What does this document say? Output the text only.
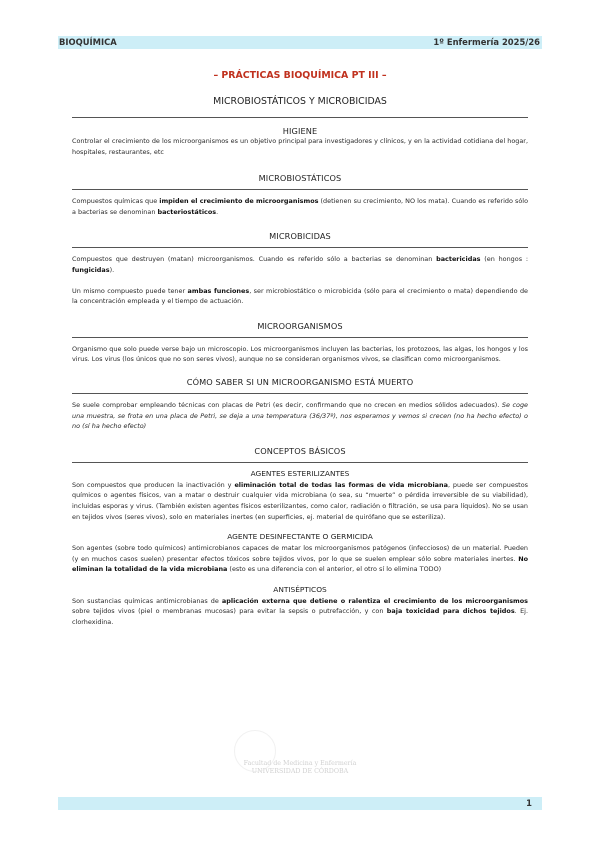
BIOQUÍMICA	1º Enfermería 2025/26
– PRÁCTICAS BIOQUÍMICA PT III –
MICROBIOSTÁTICOS Y MICROBICIDAS
HIGIENE

Controlar el crecimiento de los microorganismos es un objetivo principal para investigadores y clínicos, y en la actividad cotidiana del hogar, hospitales, restaurantes, etc

MICROBIOSTÁTICOS

Compuestos químicas que impiden el crecimiento de microorganismos (detienen su crecimiento, NO los mata). Cuando es referido sólo a bacterias se denominan bacteriostáticos.

MICROBICIDAS

Compuestos que destruyen (matan) microorganismos. Cuando es referido sólo a bacterias se denominan bactericidas (en hongos : fungicidas).

Un mismo compuesto puede tener ambas funciones, ser microbiostático o microbicida (sólo para el crecimiento o mata) dependiendo de la concentración empleada y el tiempo de actuación.

MICROORGANISMOS

Organismo que solo puede verse bajo un microscopio. Los microorganismos incluyen las bacterias, los protozoos, las algas, los hongos y los virus. Los virus (los únicos que no son seres vivos), aunque no se consideran organismos vivos, se clasifican como microorganismos.

CÓMO SABER SI UN MICROORGANISMO ESTÁ MUERTO

Se suele comprobar empleando técnicas con placas de Petri (es decir, confirmando que no crecen en medios sólidos adecuados). Se coge una muestra, se frota en una placa de Petri, se deja a una temperatura (36/37º), nos esperamos y vemos si crecen (no ha hecho efecto) o no (sí ha hecho efecto)

CONCEPTOS BÁSICOS
AGENTES ESTERILIZANTES

Son compuestos que producen la inactivación y eliminación total de todas las formas de vida microbiana, puede ser compuestos químicos o agentes físicos, van a matar o destruir cualquier vida microbiana (o sea, su “muerte” o pérdida irreversible de su viabilidad), incluidas esporas y virus. (También existen agentes físicos esterilizantes, como calor, radiación o filtración, se usa para líquidos). No se usan en tejidos vivos (seres vivos), solo en materiales inertes (en superficies, ej. material de quirófano que se esteriliza).

AGENTE DESINFECTANTE O GERMICIDA

Son agentes (sobre todo químicos) antimicrobianos capaces de matar los microorganismos patógenos (infecciosos) de un material. Pueden (y en muchos casos suelen) presentar efectos tóxicos sobre tejidos vivos, por lo que se suelen emplear sólo sobre materiales inertes. No eliminan la totalidad de la vida microbiana (esto es una diferencia con el anterior, el otro sí lo elimina TODO)

ANTISÉPTICOS

Son sustancias químicas antimicrobianas de aplicación externa que detiene o ralentiza el crecimiento de los microorganismos sobre tejidos vivos (piel o membranas mucosas) para evitar la sepsis o putrefacción, y con baja toxicidad para dichos tejidos. Ej. clorhexidina.

Facultad de Medicina y Enfermería
UNIVERSIDAD DE CÓRDOBA
1
